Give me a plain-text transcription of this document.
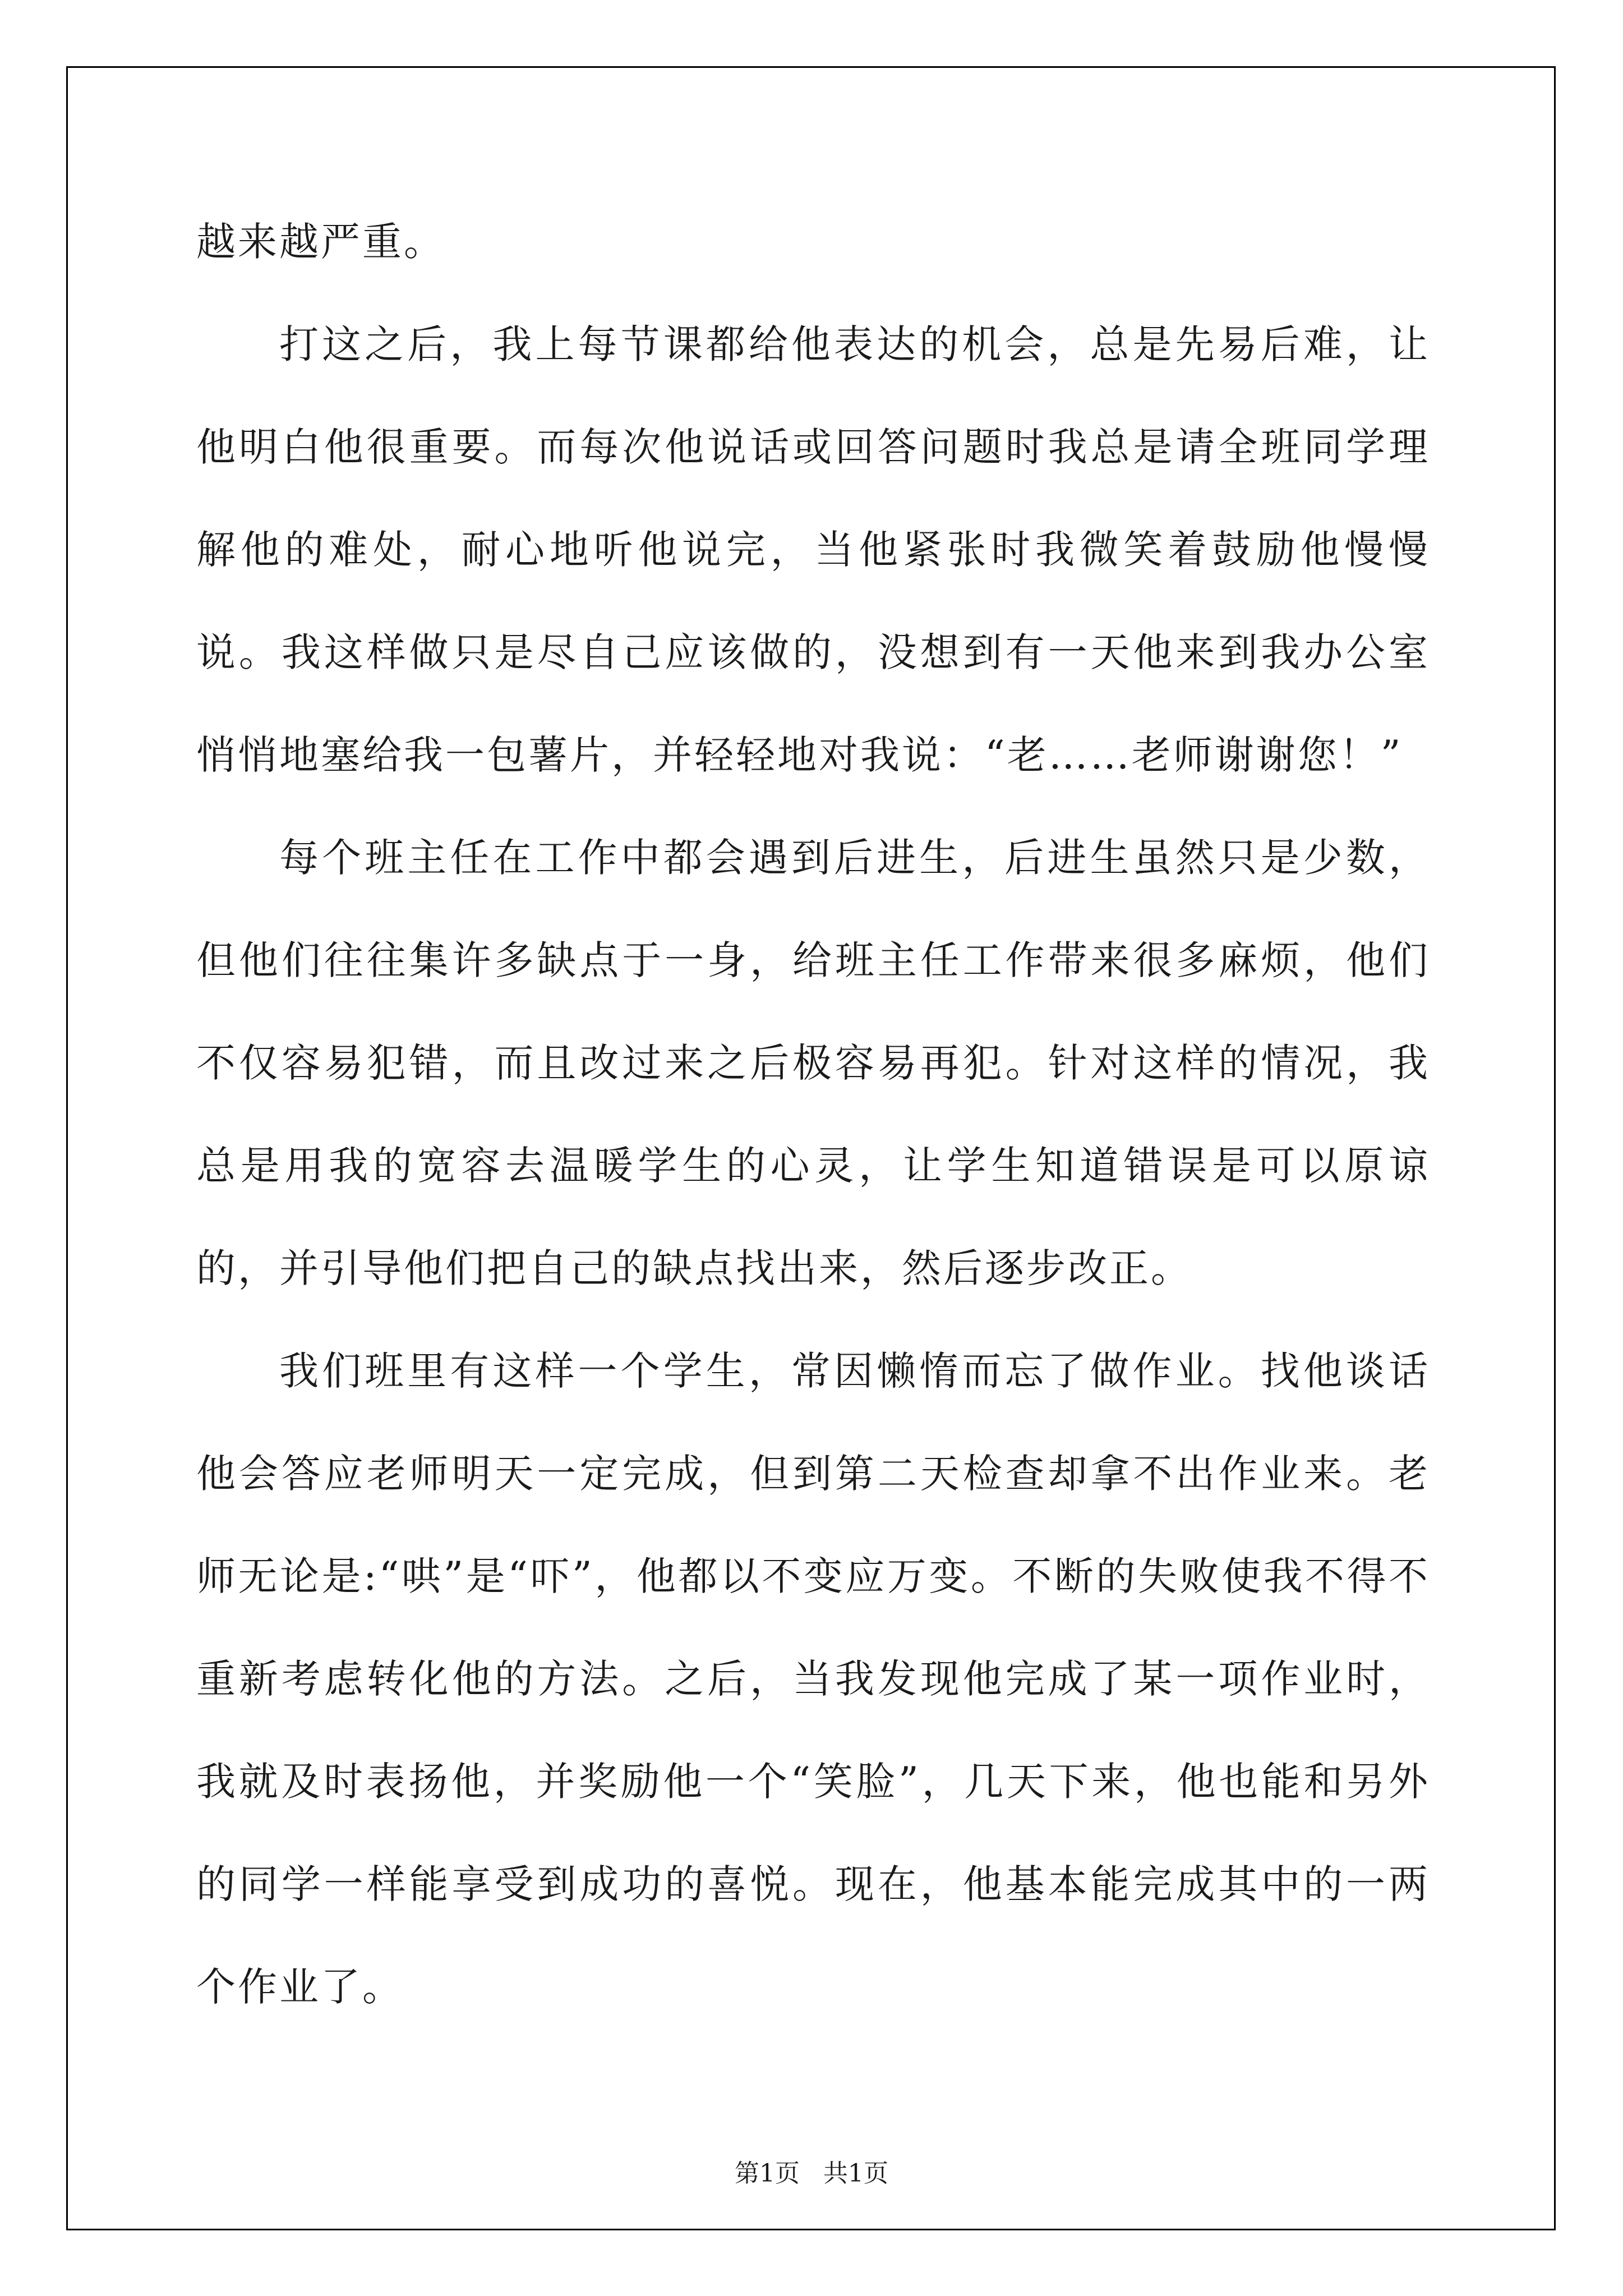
越来越严重。

打这之后，我上每节课都给他表达的机会，总是先易后难，让他明白他很重要。而每次他说话或回答问题时我总是请全班同学理解他的难处，耐心地听他说完，当他紧张时我微笑着鼓励他慢慢说。我这样做只是尽自己应该做的，没想到有一天他来到我办公室悄悄地塞给我一包薯片，并轻轻地对我说：“老……老师谢谢您！”

每个班主任在工作中都会遇到后进生，后进生虽然只是少数，但他们往往集许多缺点于一身，给班主任工作带来很多麻烦，他们不仅容易犯错，而且改过来之后极容易再犯。针对这样的情况，我总是用我的宽容去温暖学生的心灵，让学生知道错误是可以原谅的，并引导他们把自己的缺点找出来，然后逐步改正。

我们班里有这样一个学生，常因懒惰而忘了做作业。找他谈话他会答应老师明天一定完成，但到第二天检查却拿不出作业来。老师无论是:“哄”是“吓”，他都以不变应万变。不断的失败使我不得不重新考虑转化他的方法。之后，当我发现他完成了某一项作业时，我就及时表扬他，并奖励他一个“笑脸”，几天下来，他也能和另外的同学一样能享受到成功的喜悦。现在，他基本能完成其中的一两个作业了。

第1页 共1页
